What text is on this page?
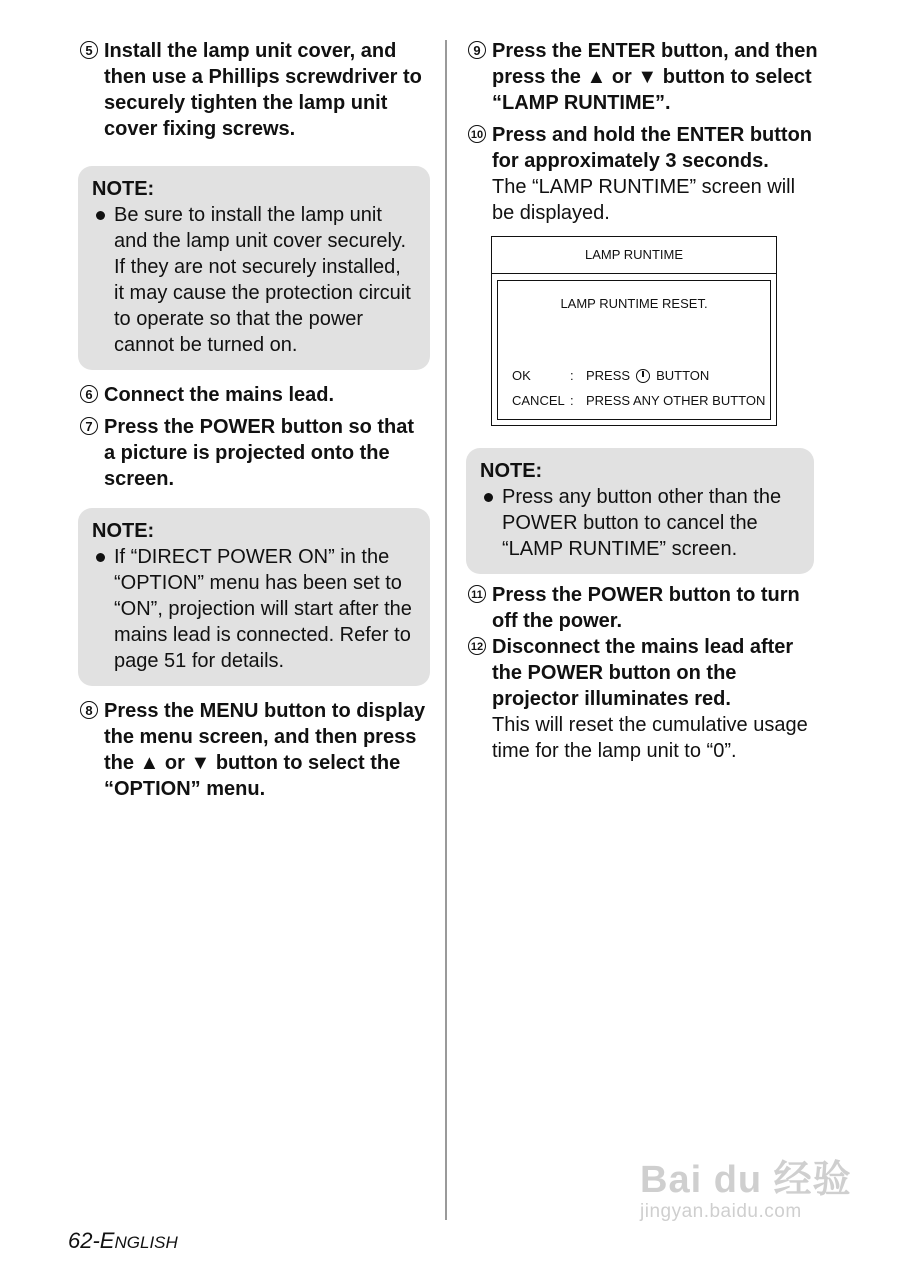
5 Install the lamp unit cover, and then use a Phillips screwdriver to securely tighten the lamp unit cover fixing screws.
NOTE:
Be sure to install the lamp unit and the lamp unit cover securely. If they are not securely installed, it may cause the protection circuit to operate so that the power cannot be turned on.
6 Connect the mains lead.
7 Press the POWER button so that a picture is projected onto the screen.
NOTE:
If “DIRECT POWER ON” in the “OPTION” menu has been set to “ON”, projection will start after the mains lead is connected. Refer to page 51 for details.
8 Press the MENU button to display the menu screen, and then press the ▲ or ▼ button to select the “OPTION” menu.
9 Press the ENTER button, and then press the ▲ or ▼ button to select “LAMP RUNTIME”.
10 Press and hold the ENTER button for approximately 3 seconds.
The “LAMP RUNTIME” screen will be displayed.
LAMP RUNTIME
LAMP RUNTIME RESET.
OK	: PRESS BUTTON
CANCEL : PRESS ANY OTHER BUTTON
NOTE:
Press any button other than the POWER button to cancel the “LAMP RUNTIME” screen.
11 Press the POWER button to turn off the power.
12 Disconnect the mains lead after the POWER button on the projector illuminates red.
This will reset the cumulative usage time for the lamp unit to “0”.
62-ENGLISH
Bai du 经验
jingyan.baidu.com
